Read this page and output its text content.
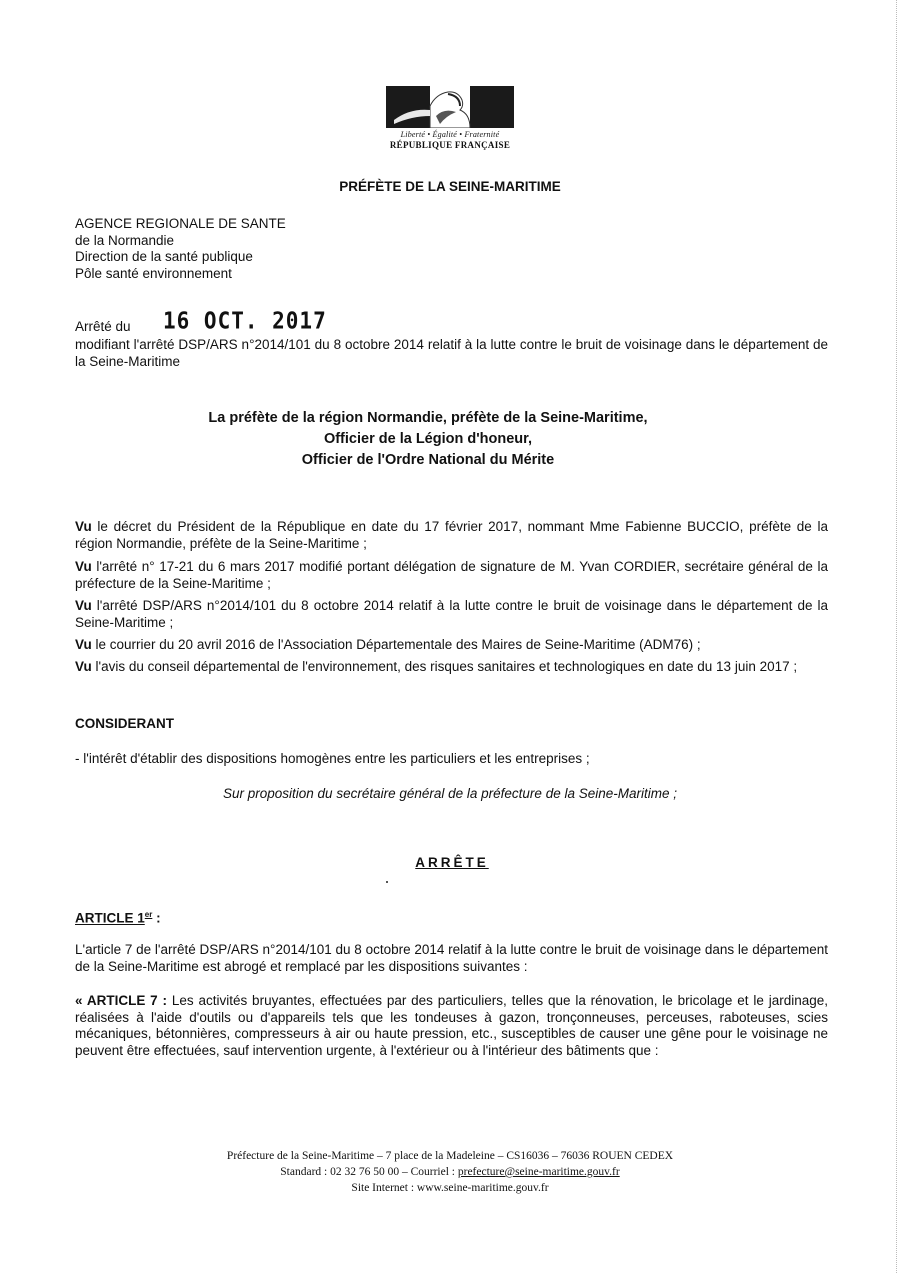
Liberté • Égalité • Fraternité
RÉPUBLIQUE FRANÇAISE
PRÉFÈTE DE LA SEINE-MARITIME
AGENCE REGIONALE DE SANTE
de la Normandie
Direction de la santé publique
Pôle santé environnement
Arrêté du 16 OCT. 2017
modifiant l'arrêté DSP/ARS n°2014/101 du 8 octobre 2014 relatif à la lutte contre le bruit de voisinage dans le département de la Seine-Maritime
La préfète de la région Normandie, préfète de la Seine-Maritime,
Officier de la Légion d'honeur,
Officier de l'Ordre National du Mérite
Vu le décret du Président de la République en date du 17 février 2017, nommant Mme Fabienne BUCCIO, préfète de la région Normandie, préfète de la Seine-Maritime ;
Vu l'arrêté n° 17-21 du 6 mars 2017 modifié portant délégation de signature de M. Yvan CORDIER, secrétaire général de la préfecture de la Seine-Maritime ;
Vu l'arrêté DSP/ARS n°2014/101 du 8 octobre 2014 relatif à la lutte contre le bruit de voisinage dans le département de la Seine-Maritime ;
Vu le courrier du 20 avril 2016 de l'Association Départementale des Maires de Seine-Maritime (ADM76) ;
Vu l'avis du conseil départemental de l'environnement, des risques sanitaires et technologiques en date du 13 juin 2017 ;
CONSIDERANT
- l'intérêt d'établir des dispositions homogènes entre les particuliers et les entreprises ;
Sur proposition du secrétaire général de la préfecture de la Seine-Maritime ;
ARRÊTE
ARTICLE 1er :
L'article 7 de l'arrêté DSP/ARS n°2014/101 du 8 octobre 2014 relatif à la lutte contre le bruit de voisinage dans le département de la Seine-Maritime est abrogé et remplacé par les dispositions suivantes :
« ARTICLE 7 : Les activités bruyantes, effectuées par des particuliers, telles que la rénovation, le bricolage et le jardinage, réalisées à l'aide d'outils ou d'appareils tels que les tondeuses à gazon, tronçonneuses, perceuses, raboteuses, scies mécaniques, bétonnières, compresseurs à air ou haute pression, etc., susceptibles de causer une gêne pour le voisinage ne peuvent être effectuées, sauf intervention urgente, à l'extérieur ou à l'intérieur des bâtiments que :
Préfecture de la Seine-Maritime – 7 place de la Madeleine – CS16036 – 76036 ROUEN CEDEX
Standard : 02 32 76 50 00 – Courriel : prefecture@seine-maritime.gouv.fr
Site Internet : www.seine-maritime.gouv.fr
